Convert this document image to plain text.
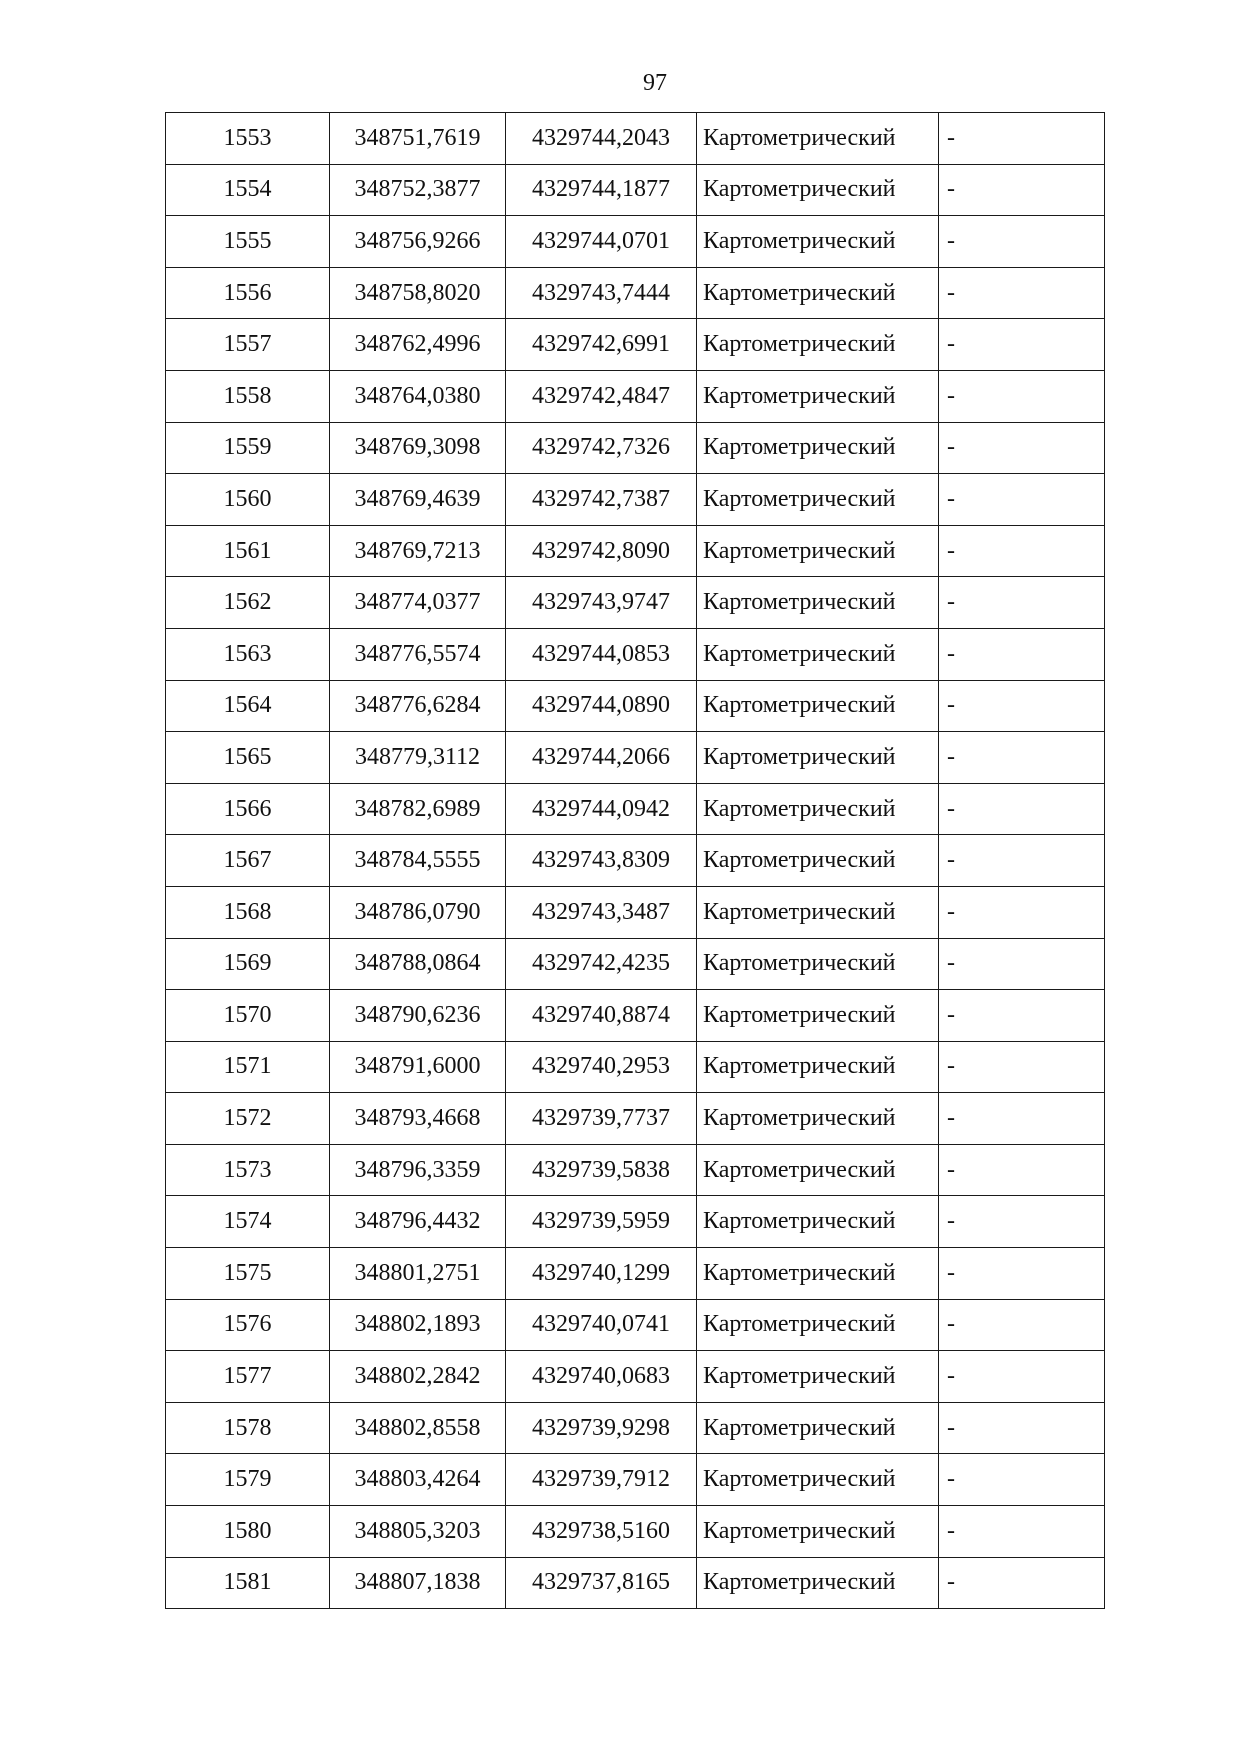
97
1553	348751,7619	4329744,2043	Картометрический	-
1554	348752,3877	4329744,1877	Картометрический	-
1555	348756,9266	4329744,0701	Картометрический	-
1556	348758,8020	4329743,7444	Картометрический	-
1557	348762,4996	4329742,6991	Картометрический	-
1558	348764,0380	4329742,4847	Картометрический	-
1559	348769,3098	4329742,7326	Картометрический	-
1560	348769,4639	4329742,7387	Картометрический	-
1561	348769,7213	4329742,8090	Картометрический	-
1562	348774,0377	4329743,9747	Картометрический	-
1563	348776,5574	4329744,0853	Картометрический	-
1564	348776,6284	4329744,0890	Картометрический	-
1565	348779,3112	4329744,2066	Картометрический	-
1566	348782,6989	4329744,0942	Картометрический	-
1567	348784,5555	4329743,8309	Картометрический	-
1568	348786,0790	4329743,3487	Картометрический	-
1569	348788,0864	4329742,4235	Картометрический	-
1570	348790,6236	4329740,8874	Картометрический	-
1571	348791,6000	4329740,2953	Картометрический	-
1572	348793,4668	4329739,7737	Картометрический	-
1573	348796,3359	4329739,5838	Картометрический	-
1574	348796,4432	4329739,5959	Картометрический	-
1575	348801,2751	4329740,1299	Картометрический	-
1576	348802,1893	4329740,0741	Картометрический	-
1577	348802,2842	4329740,0683	Картометрический	-
1578	348802,8558	4329739,9298	Картометрический	-
1579	348803,4264	4329739,7912	Картометрический	-
1580	348805,3203	4329738,5160	Картометрический	-
1581	348807,1838	4329737,8165	Картометрический	-
